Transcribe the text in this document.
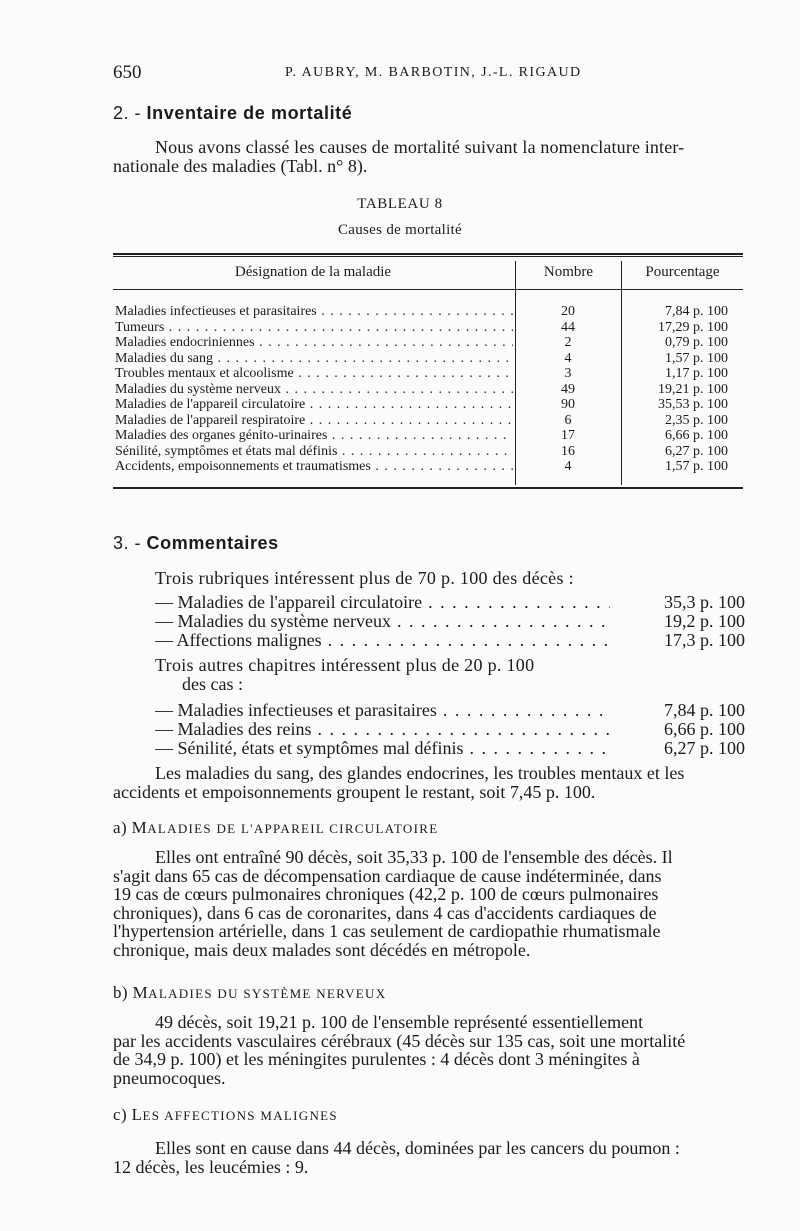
650	P. AUBRY, M. BARBOTIN, J.-L. RIGAUD
2. - Inventaire de mortalité
Nous avons classé les causes de mortalité suivant la nomenclature inter-
nationale des maladies (Tabl. n° 8).
TABLEAU 8
Causes de mortalité
Désignation de la maladie	Nombre	Pourcentage
Maladies infectieuses et parasitaires . . .	20	7,84 p. 100
Tumeurs . . .	44	17,29 p. 100
Maladies endocriniennes . . .	2	0,79 p. 100
Maladies du sang . . .	4	1,57 p. 100
Troubles mentaux et alcoolisme . . .	3	1,17 p. 100
Maladies du système nerveux . . .	49	19,21 p. 100
Maladies de l'appareil circulatoire . . .	90	35,53 p. 100
Maladies de l'appareil respiratoire . . .	6	2,35 p. 100
Maladies des organes génito-urinaires . . .	17	6,66 p. 100
Sénilité, symptômes et états mal définis . . .	16	6,27 p. 100
Accidents, empoisonnements et traumatismes . . .	4	1,57 p. 100
3. - Commentaires
Trois rubriques intéressent plus de 70 p. 100 des décès :
— Maladies de l'appareil circulatoire . . .	35,3 p. 100
— Maladies du système nerveux . . .	19,2 p. 100
— Affections malignes . . .	17,3 p. 100
Trois autres chapitres intéressent plus de 20 p. 100
des cas :
— Maladies infectieuses et parasitaires . . .	7,84 p. 100
— Maladies des reins . . .	6,66 p. 100
— Sénilité, états et symptômes mal définis . . .	6,27 p. 100
Les maladies du sang, des glandes endocrines, les troubles mentaux et les
accidents et empoisonnements groupent le restant, soit 7,45 p. 100.
a) MALADIES DE L'APPAREIL CIRCULATOIRE
Elles ont entraîné 90 décès, soit 35,33 p. 100 de l'ensemble des décès. Il
s'agit dans 65 cas de décompensation cardiaque de cause indéterminée, dans
19 cas de cœurs pulmonaires chroniques (42,2 p. 100 de cœurs pulmonaires
chroniques), dans 6 cas de coronarites, dans 4 cas d'accidents cardiaques de
l'hypertension artérielle, dans 1 cas seulement de cardiopathie rhumatismale
chronique, mais deux malades sont décédés en métropole.
b) MALADIES DU SYSTÈME NERVEUX
49 décès, soit 19,21 p. 100 de l'ensemble représenté essentiellement
par les accidents vasculaires cérébraux (45 décès sur 135 cas, soit une mortalité
de 34,9 p. 100) et les méningites purulentes : 4 décès dont 3 méningites à
pneumocoques.
c) LES AFFECTIONS MALIGNES
Elles sont en cause dans 44 décès, dominées par les cancers du poumon :
12 décès, les leucémies : 9.
